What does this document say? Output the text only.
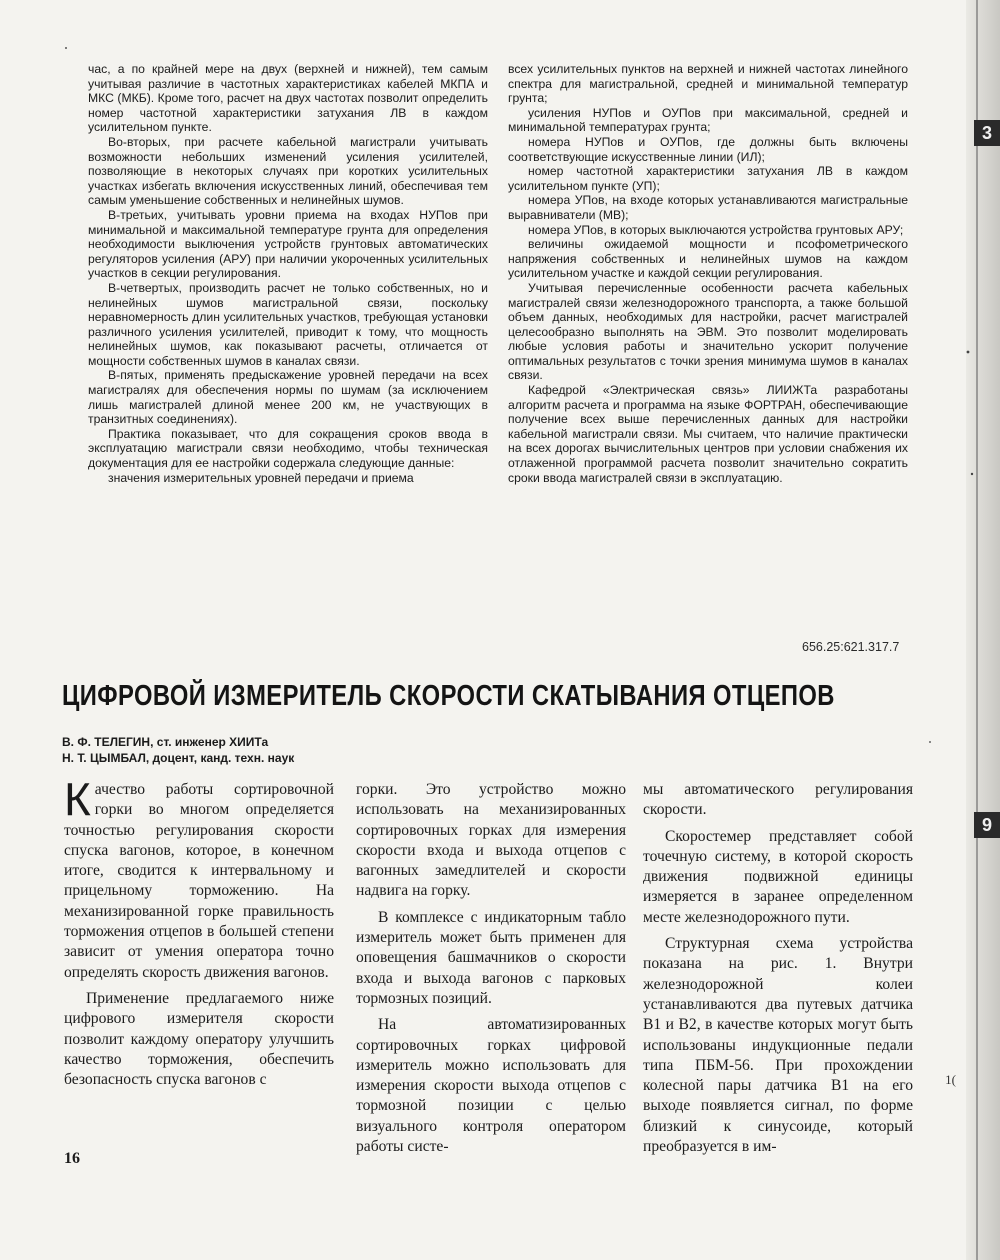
3
9
1(

час, а по крайней мере на двух (верхней и нижней), тем самым учитывая различие в частотных характеристиках кабелей МКПА и МКС (МКБ). Кроме того, расчет на двух частотах позволит определить номер частотной характеристики затухания ЛВ в каждом усилительном пункте.

Во-вторых, при расчете кабельной магистрали учитывать возможности небольших изменений усиления усилителей, позволяющие в некоторых случаях при коротких усилительных участках избегать включения искусственных линий, обеспечивая тем самым уменьшение собственных и нелинейных шумов.

В-третьих, учитывать уровни приема на входах НУПов при минимальной и максимальной температуре грунта для определения необходимости выключения устройств грунтовых автоматических регуляторов усиления (АРУ) при наличии укороченных усилительных участков в секции регулирования.

В-четвертых, производить расчет не только собственных, но и нелинейных шумов магистральной связи, поскольку неравномерность длин усилительных участков, требующая установки различного усиления усилителей, приводит к тому, что мощность нелинейных шумов, как показывают расчеты, отличается от мощности собственных шумов в каналах связи.

В-пятых, применять предыскажение уровней передачи на всех магистралях для обеспечения нормы по шумам (за исключением лишь магистралей длиной менее 200 км, не участвующих в транзитных соединениях).

Практика показывает, что для сокращения сроков ввода в эксплуатацию магистрали связи необходимо, чтобы техническая документация для ее настройки содержала следующие данные:

значения измерительных уровней передачи и приема

всех усилительных пунктов на верхней и нижней частотах линейного спектра для магистральной, средней и минимальной температур грунта;

усиления НУПов и ОУПов при максимальной, средней и минимальной температурах грунта;

номера НУПов и ОУПов, где должны быть включены соответствующие искусственные линии (ИЛ);

номер частотной характеристики затухания ЛВ в каждом усилительном пункте (УП);

номера УПов, на входе которых устанавливаются магистральные выравниватели (МВ);

номера УПов, в которых выключаются устройства грунтовых АРУ;

величины ожидаемой мощности и псофометрического напряжения собственных и нелинейных шумов на каждом усилительном участке и каждой секции регулирования.

Учитывая перечисленные особенности расчета кабельных магистралей связи железнодорожного транспорта, а также большой объем данных, необходимых для настройки, расчет магистралей целесообразно выполнять на ЭВМ. Это позволит моделировать любые условия работы и значительно ускорит получение оптимальных результатов с точки зрения минимума шумов в каналах связи.

Кафедрой «Электрическая связь» ЛИИЖТа разработаны алгоритм расчета и программа на языке ФОРТРАН, обеспечивающие получение всех выше перечисленных данных для настройки кабельной магистрали связи. Мы считаем, что наличие практически на всех дорогах вычислительных центров при условии снабжения их отлаженной программой расчета позволит значительно сократить сроки ввода магистралей связи в эксплуатацию.

656.25:621.317.7
ЦИФРОВОЙ ИЗМЕРИТЕЛЬ СКОРОСТИ СКАТЫВАНИЯ ОТЦЕПОВ
В. Ф. ТЕЛЕГИН, ст. инженер ХИИТа
Н. Т. ЦЫМБАЛ, доцент, канд. техн. наук

Качество работы сортировочной горки во многом определяется точностью регулирования скорости спуска вагонов, которое, в конечном итоге, сводится к интервальному и прицельному торможению. На механизированной горке правильность торможения отцепов в большей степени зависит от умения оператора точно определять скорость движения вагонов.

Применение предлагаемого ниже цифрового измерителя скорости позволит каждому оператору улучшить качество торможения, обеспечить безопасность спуска вагонов с

горки. Это устройство можно использовать на механизированных сортировочных горках для измерения скорости входа и выхода отцепов с вагонных замедлителей и скорости надвига на горку.

В комплексе с индикаторным табло измеритель может быть применен для оповещения башмачников о скорости входа и выхода вагонов с парковых тормозных позиций.

На автоматизированных сортировочных горках цифровой измеритель можно использовать для измерения скорости выхода отцепов с тормозной позиции с целью визуального контроля оператором работы систе-

мы автоматического регулирования скорости.

Скоростемер представляет собой точечную систему, в которой скорость движения подвижной единицы измеряется в заранее определенном месте железнодорожного пути.

Структурная схема устройства показана на рис. 1. Внутри железнодорожной колеи устанавливаются два путевых датчика В1 и В2, в качестве которых могут быть использованы индукционные педали типа ПБМ-56. При прохождении колесной пары датчика В1 на его выходе появляется сигнал, по форме близкий к синусоиде, который преобразуется в им-

16
